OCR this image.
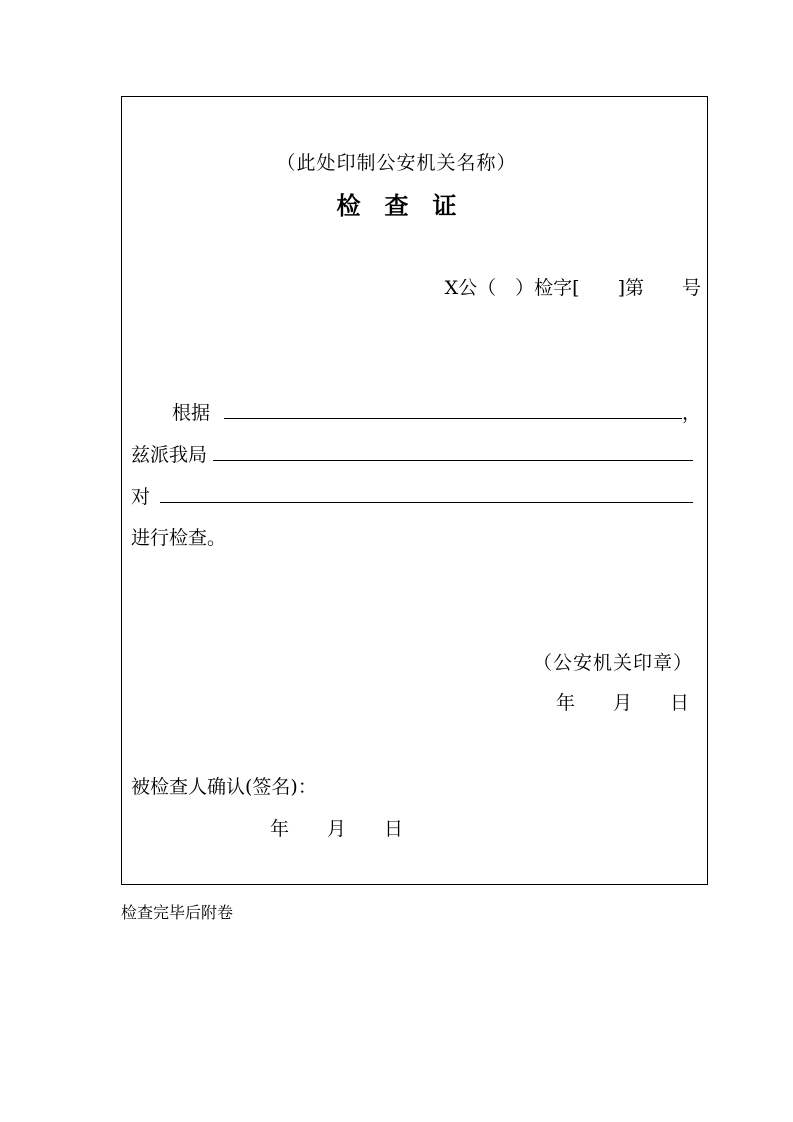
（此处印制公安机关名称）
检　查　证
X公（　）检字[　　]第　　号
根据	，
兹派我局
对
进行检查。
（公安机关印章）
年　　月　　日
被检查人确认(签名)：
年　　月　　日
检查完毕后附卷
